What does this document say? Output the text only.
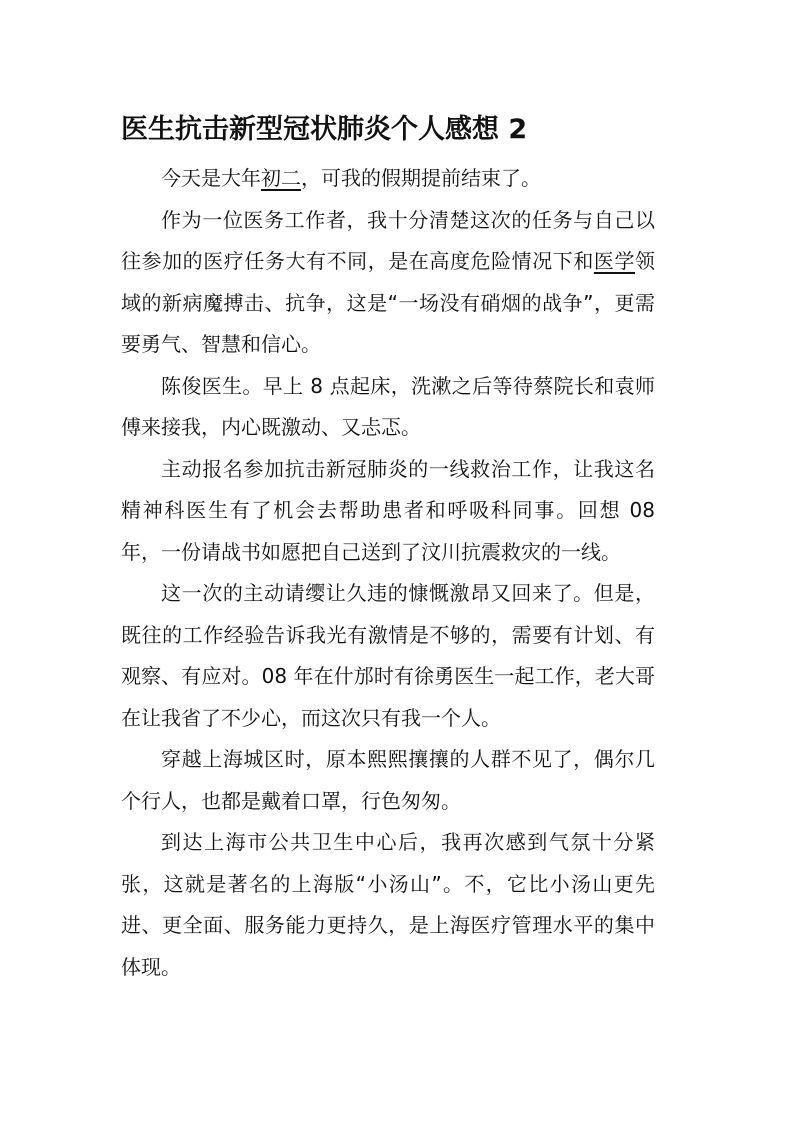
医生抗击新型冠状肺炎个人感想 2

今天是大年初二，可我的假期提前结束了。

作为一位医务工作者，我十分清楚这次的任务与自己以往参加的医疗任务大有不同，是在高度危险情况下和医学领域的新病魔搏击、抗争，这是“一场没有硝烟的战争”，更需要勇气、智慧和信心。

陈俊医生。早上 8 点起床，洗漱之后等待蔡院长和袁师傅来接我，内心既激动、又忐忑。

主动报名参加抗击新冠肺炎的一线救治工作，让我这名精神科医生有了机会去帮助患者和呼吸科同事。回想 08 年，一份请战书如愿把自己送到了汶川抗震救灾的一线。

这一次的主动请缨让久违的慷慨激昂又回来了。但是，既往的工作经验告诉我光有激情是不够的，需要有计划、有观察、有应对。08 年在什邡时有徐勇医生一起工作，老大哥在让我省了不少心，而这次只有我一个人。

穿越上海城区时，原本熙熙攘攘的人群不见了，偶尔几个行人，也都是戴着口罩，行色匆匆。

到达上海市公共卫生中心后，我再次感到气氛十分紧张，这就是著名的上海版“小汤山”。不，它比小汤山更先进、更全面、服务能力更持久，是上海医疗管理水平的集中体现。
